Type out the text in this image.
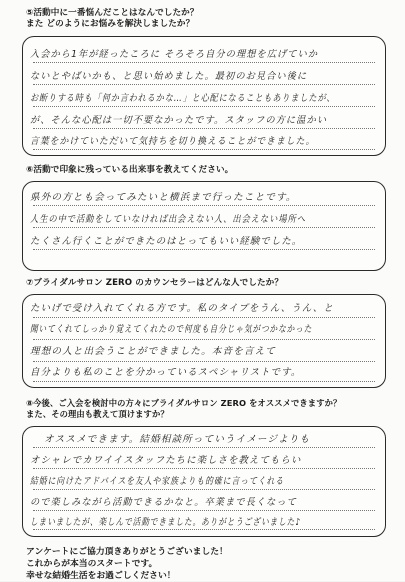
⑤活動中に一番悩んだことはなんでしたか？
また どのようにお悩みを解決しましたか？
入会から1年が経ったころに そろそろ自分の理想を広げていか
ないとやばいかも、と思い始めました。最初のお見合い後に
お断りする時も「何か言われるかな…」と心配になることもありましたが、
が、そんな心配は一切不要なかったです。スタッフの方に温かい
言葉をかけていただいて気持ちを切り換えることができました。
⑥活動で印象に残っている出来事を教えてください。
県外の方とも会ってみたいと横浜まで行ったことです。
人生の中で活動をしていなければ出会えない人、出会えない場所へ
たくさん行くことができたのはとってもいい経験でした。
⑦ブライダルサロン ZERO のカウンセラーはどんな人でしたか？
たいげで受け入れてくれる方です。私のタイプをうん、うん、と
聞いてくれてしっかり覚えてくれたので何度も自分じゃ気がつかなかった
理想の人と出会うことができました。本音を言えて
自分よりも私のことを分かっているスペシャリストです。
⑧今後、ご入会を検討中の方々にブライダルサロン ZERO をオススメできますか？
また、その理由も教えて頂けますか？
オススメできます。結婚相談所っていうイメージよりも
オシャレでカワイイスタッフたちに楽しさを教えてもらい
結婚に向けたアドバイスを友人や家族よりも的確に言ってくれる
ので楽しみながら活動できるかなと。卒業まで長くなって
しまいましたが、楽しんで活動できました。ありがとうございました♪
アンケートにご協力頂きありがとうございました！
これからが本当のスタートです。
幸せな結婚生活をお過ごしください！
